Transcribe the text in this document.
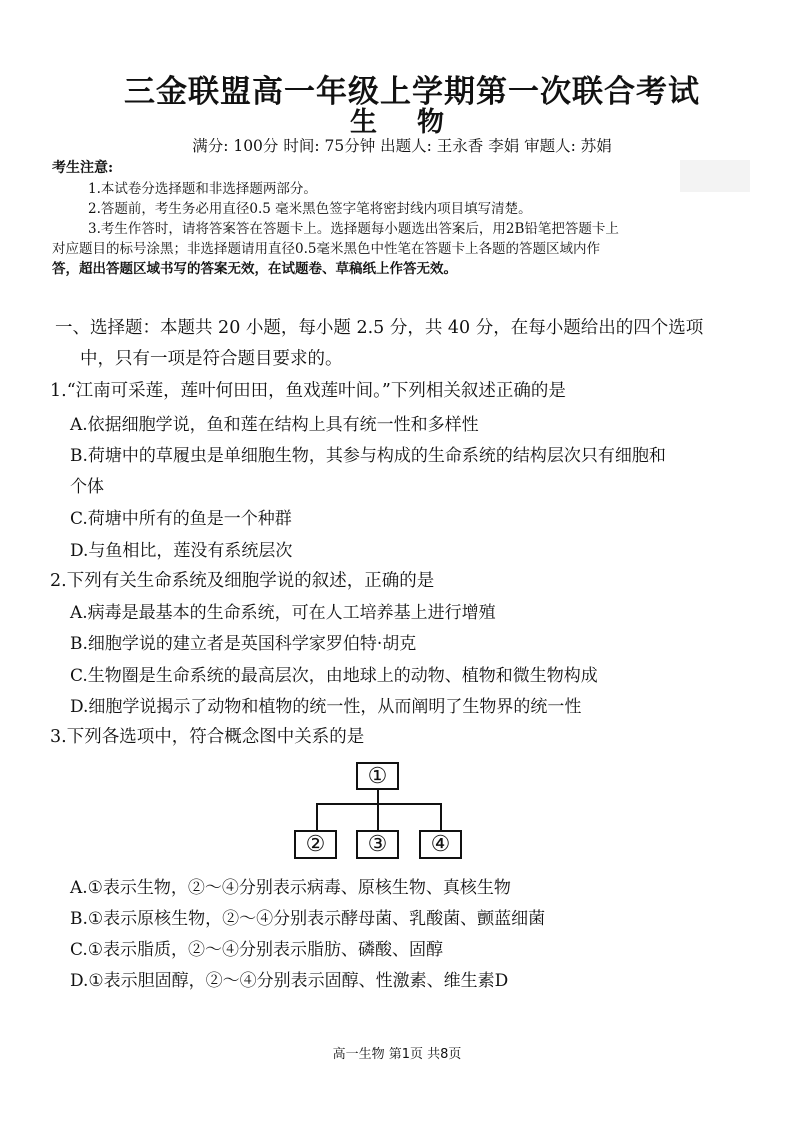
三金联盟高一年级上学期第一次联合考试
生物
满分: 100分 时间: 75分钟 出题人: 王永香 李娟 审题人: 苏娟
考生注意:
1.本试卷分选择题和非选择题两部分。
2.答题前，考生务必用直径0.5 毫米黑色签字笔将密封线内项目填写清楚。
3.考生作答时，请将答案答在答题卡上。选择题每小题选出答案后，用2B铅笔把答题卡上
对应题目的标号涂黑；非选择题请用直径0.5毫米黑色中性笔在答题卡上各题的答题区域内作
答，超出答题区域书写的答案无效，在试题卷、草稿纸上作答无效。
一、选择题：本题共 20 小题，每小题 2.5 分，共 40 分，在每小题给出的四个选项
中，只有一项是符合题目要求的。
1.“江南可采莲，莲叶何田田，鱼戏莲叶间。”下列相关叙述正确的是
A.依据细胞学说，鱼和莲在结构上具有统一性和多样性
B.荷塘中的草履虫是单细胞生物，其参与构成的生命系统的结构层次只有细胞和
个体
C.荷塘中所有的鱼是一个种群
D.与鱼相比，莲没有系统层次
2.下列有关生命系统及细胞学说的叙述，正确的是
A.病毒是最基本的生命系统，可在人工培养基上进行增殖
B.细胞学说的建立者是英国科学家罗伯特·胡克
C.生物圈是生命系统的最高层次，由地球上的动物、植物和微生物构成
D.细胞学说揭示了动物和植物的统一性，从而阐明了生物界的统一性
3.下列各选项中，符合概念图中关系的是
①
②	③	④
A.①表示生物，②～④分别表示病毒、原核生物、真核生物
B.①表示原核生物，②～④分别表示酵母菌、乳酸菌、颤蓝细菌
C.①表示脂质，②～④分别表示脂肪、磷酸、固醇
D.①表示胆固醇，②～④分别表示固醇、性激素、维生素D
高一生物 第1页 共8页
